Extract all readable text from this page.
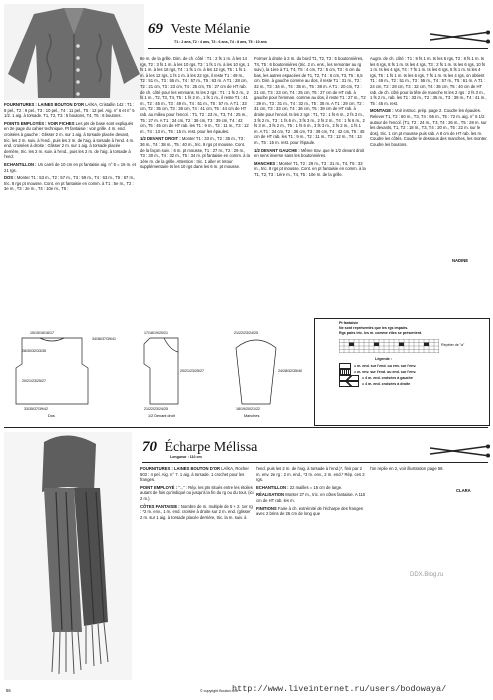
69 Veste Mélanie
T1 : 2 ans, T2 : 4 ans, T3 : 6 ans, T4 : 8 ans, T5 : 10 ans

FOURNITURES : LAINES BOUTON D'OR LAÏKA, Cristallin 142 : T1 : 8 pel., T2 : 9 pel., T3 : 10 pel., T4 : 11 pel., T5 : 12 pel. Aig. n° 6 et n° 5 1/2. 1 aig. à torsade. T1, T2, T3 : 5 boutons, T4, T5 : 6 boutons.

POINTS EMPLOYÉS : VOIR FICHES Les pts de base sont expliqués en 2e page du cahier technique. Pt fantaisie : voir grille. 4 m. end. croisées à gauche : Glisser 2 m. sur 1 aig. à torsade placée devant, tric. les 2 m. suiv. à l'end., puis les 2 m. de l'aig. à torsade à l'end. 4 m. end. croisées à droite : Glisser 2 m. sur 1 aig. à torsade placée derrière, tric. les 2 m. suiv. à l'end., puis les 2 m. de l'aig. à torsade à l'end.

ECHANTILLON : Un carré de 10 cm en pt fantaisie aig. n° 6 = 16 m. et 21 rgs.

DOS : Monter T1 : 53 m., T2 : 57 m., T3 : 59 m., T4 : 63 m., T5 : 67 m., tric. 8 rgs pt mousse. Cont. en pt fantaisie en comm. à T1 : 5e m., T2 : 3e m., T3 : 2e m., T4 : 10e m., T5 :

8e m. de la grille. Dim. de ch. côté : T1 : 2 fs 1 m. à les 14 rgs, T2 : 3 fs 1 m. à les 10 rgs, T3 : 1 fs 1 m. à les 10 rgs, 1 fs 1 m. à les 16 rgs, T4 : 1 fs 1 m. à les 12 rgs, T5 : 1 fs 1 m. à les 12 rgs, 1 fs 1 m. à les 22 rgs, il reste T1 : 49 m., T2 : 51 m., T3 : 55 m., T4 : 57 m., T5 : 63 m. A T1 : 28 cm, T2 : 21 cm, T3 : 23 cm, T4 : 25 cm, T5 : 27 cm de HT rab. de ch. côté pour les emmans. ts les 2 rgs : T1 : 1 fs 2 m., 2 fs 1 m., T2, T3, T4, T5 : 1 fs 2 m., 1 fs 1 m., il reste T1 : 41 m., T2 : 45 m., T3 : 49 m., T4 : 51 m., T5 : 57 m. A T1 : 33 cm, T2 : 35 cm, T3 : 38 cm, T4 : 41 cm, T5 : 44 cm de HT rab. au milieu pour l'encol. : T1, T2 : 23 m., T3, T4 : 25 m., T5 : 27 m. A T1 : 34 cm, T2 : 36 cm, T3 : 39 cm, T4 : 42 cm, T5 : 45 cm de HT rab. les T1 : 9 m., T2 : 11 m., T3 : 12 m., T4 : 13 m., T5 : 15 m. rest. pour les épaules.

1/2 DEVANT DROIT : Monter T1 : 33 m., T2 : 35 m., T3 : 36 m., T4 : 38 m., T5 : 40 m., tric. 8 rgs pt mousse. Cont. de la façon suiv. : 6 m. pt mousse, T1 : 27 m., T2 : 29 m., T3 : 30 m., T4 : 32 m., T5 : 34 m. pt fantaisie en comm. à la 1ère m. de la grille. Attention : tric. 1 aller et retour supplémentaire ts les 10 rgs dans les 6 m. pt mousse.

Former à droite à 2 m. du bord T1, T2, T3 : 5 boutonnières, T4, T5 : 6 boutonnières (tric. 2 m. ens., les remonter au rg suiv.), la 1ère à T1, T4, T5 : 4 cm, T2 : 5 cm, T3 : 6 cm du bas, les autres espacées de T1, T2, T4 : 6 cm, T3, T5 : 6,5 cm. Dim. à gauche comme au dos, il reste T1 : 31 m., T2 : 32 m., T3 : 34 m., T4 : 35 m., T5 : 38 m. A T1 : 20 cm, T2 : 21 cm, T3 : 23 cm, T4 : 25 cm, T5 : 27 cm de HT rab. à gauche pour l'emman. comme au dos, il reste T1 : 27 m., T2 : 29 m., T3 : 31 m., T4 : 32 m., T5 : 35 m. A T1 : 29 cm, T2 : 31 cm, T3 : 33 cm, T4 : 36 cm, T5 : 39 cm de HT rab. à droite pour l'encol. ts les 2 rgs : T1, T2 : 1 fs 6 m., 2 fs 3 m., 3 fs 2 m., T3 : 1 fs 6 m., 3 fs 3 m., 2 fs 2 m., T4 : 1 fs 6 m., 2 fs 3 m., 3 fs 2 m., T5 : 1 fs 6 m., 3 fs 3 m., 2 fs 2 m., 1 fs 1 m. A T1 : 34 cm, T2 : 36 cm, T3 : 39 cm, T4 : 42 cm, T5 : 45 cm de HT rab. les T1 : 9 m., T2 : 11 m., T3 : 12 m., T4 : 13 m., T5 : 15 m. rest. pour l'épaule.

1/2 DEVANT GAUCHE : Même trav. que le 1/2 devant droit en sens inverse sans les boutonnières.

MANCHES : Monter T1, T2 : 29 m., T3 : 31 m., T4, T5 : 33 m., tric. 8 rgs pt mousse. Cont. en pt fantaisie en comm. à la T1, T2, T3 : 1ère m., T4, T5 : 10e m. de la grille.

Augm. de ch. côté : T1 : 9 fs 1 m. ts les 6 rgs, T2 : 8 fs 1 m. ts les 6 rgs, 8 fs 1 m. ts les 4 rgs, T3 : 2 fs 1 m. ts les 6 rgs, 10 fs 1 m. ts les 4 rgs, T4 : 7 fs 1 m. ts les 6 rgs, 5 fs 1 m. ts les 4 rgs, T5 : 1 fs 1 m. ts les 6 rgs, 7 fs 1 m. ts les 4 rgs, on obtient T1 : 49 m., T2 : 51 m., T3 : 55 m., T4 : 57 m., T5 : 61 m. A T1 : 24 cm, T2 : 28 cm, T3 : 32 cm, T4 : 35 cm, T5 : 40 cm de HT rab. de ch. côté pour la tête de manche ts les 2 rgs : 2 fs 3 m., 1 fs 2 m., rab. les T1 : 33 m., T2 : 35 m., T3 : 39 m., T4 : 41 m., T5 : 45 m. rest.

MONTAGE : Voir instruc. prép. page 2. Coudre les épaules. Relever T1, T2 : 60 m., T3, T4 : 66 m., T5 : 72 m. aig. n° 5 1/2 autour de l'encol. (T1, T2 : 24 m., T3, T4 : 26 m., T5 : 28 m. sur les devants, T1, T2 : 18 m., T3, T4 : 20 m., T5 : 22 m. sur le dos), tric. 1 cm pt mousse puis rab. A 8 cm de HT rab. les m. Coudre les côtés. Coudre le dessous des manches, les monter. Coudre les boutons.

NADINE
15/15/16/16/17
34/36/37/39/41
28/30/32/33/35
20/21/23/25/27
33/35/37/39/42
Dos
17/18/19/20/21
20/21/23/25/27
21/22/23/24/25
1/2 Devant droit
21/22/23/24/25
24/28/32/35/40
18/19/20/21/22
Manches
Pt fantaisie
Ne sont représentés que les rgs impairs.
Rgs pairs tric. les m. comme elles se présentent.
Répéter de "a"
Légende :
= m. end. sur l'end. ou env. sur l'env.
= m. env. sur l'end. ou end. sur l'env.
= 4 m. end. croisées à gauche
= 4 m. end. croisées à droite
70 Écharpe Mélissa
Longueur : 110 cm

FOURNITURES : LAINES BOUTON D'OR LAÏKA, Rocher 503 : 4 pel. Aig. n° 7. 1 aig. à torsade. 1 crochet pour les franges.

POINT EMPLOYÉ : "..." : Rép. les pts situés entre les étoiles autant de fois qu'indiqué ou jusqu'à la fin du rg ou du tour, (ici 2 m.).

CÔTES FANTAISIE : Nombre de m. multiple de 5 + 2. 1er rg : *2 m. env., 1 m. end. croisée à droite sur 2 m. end. (glisser 2 m. sur 1 aig. à torsade placée derrière, tric. la m. suiv. à

l'end. puis les 2 m. de l'aig. à torsade à l'end.)*, finir par 2 m. env. 2e rg : 2 m. end., *3 m. env., 2 m. end.* Rép. ces 2 rgs.

ECHANTILLON : 22 mailles = 15 cm de large.

RÉALISATION Monter 27 m., tric. en côtes fantaisie. A 110 cm de HT rab. les m.

FINITIONS Faire à ch. extrémité de l'écharpe des franges avec 2 brins de 26 cm de long que

l'on replie en 2, voir illustration page 58.

CLARA
56	© copyright Bouton d'Or
http://www.liveinternet.ru/users/bodowaya/
DDX.Blog.ru
